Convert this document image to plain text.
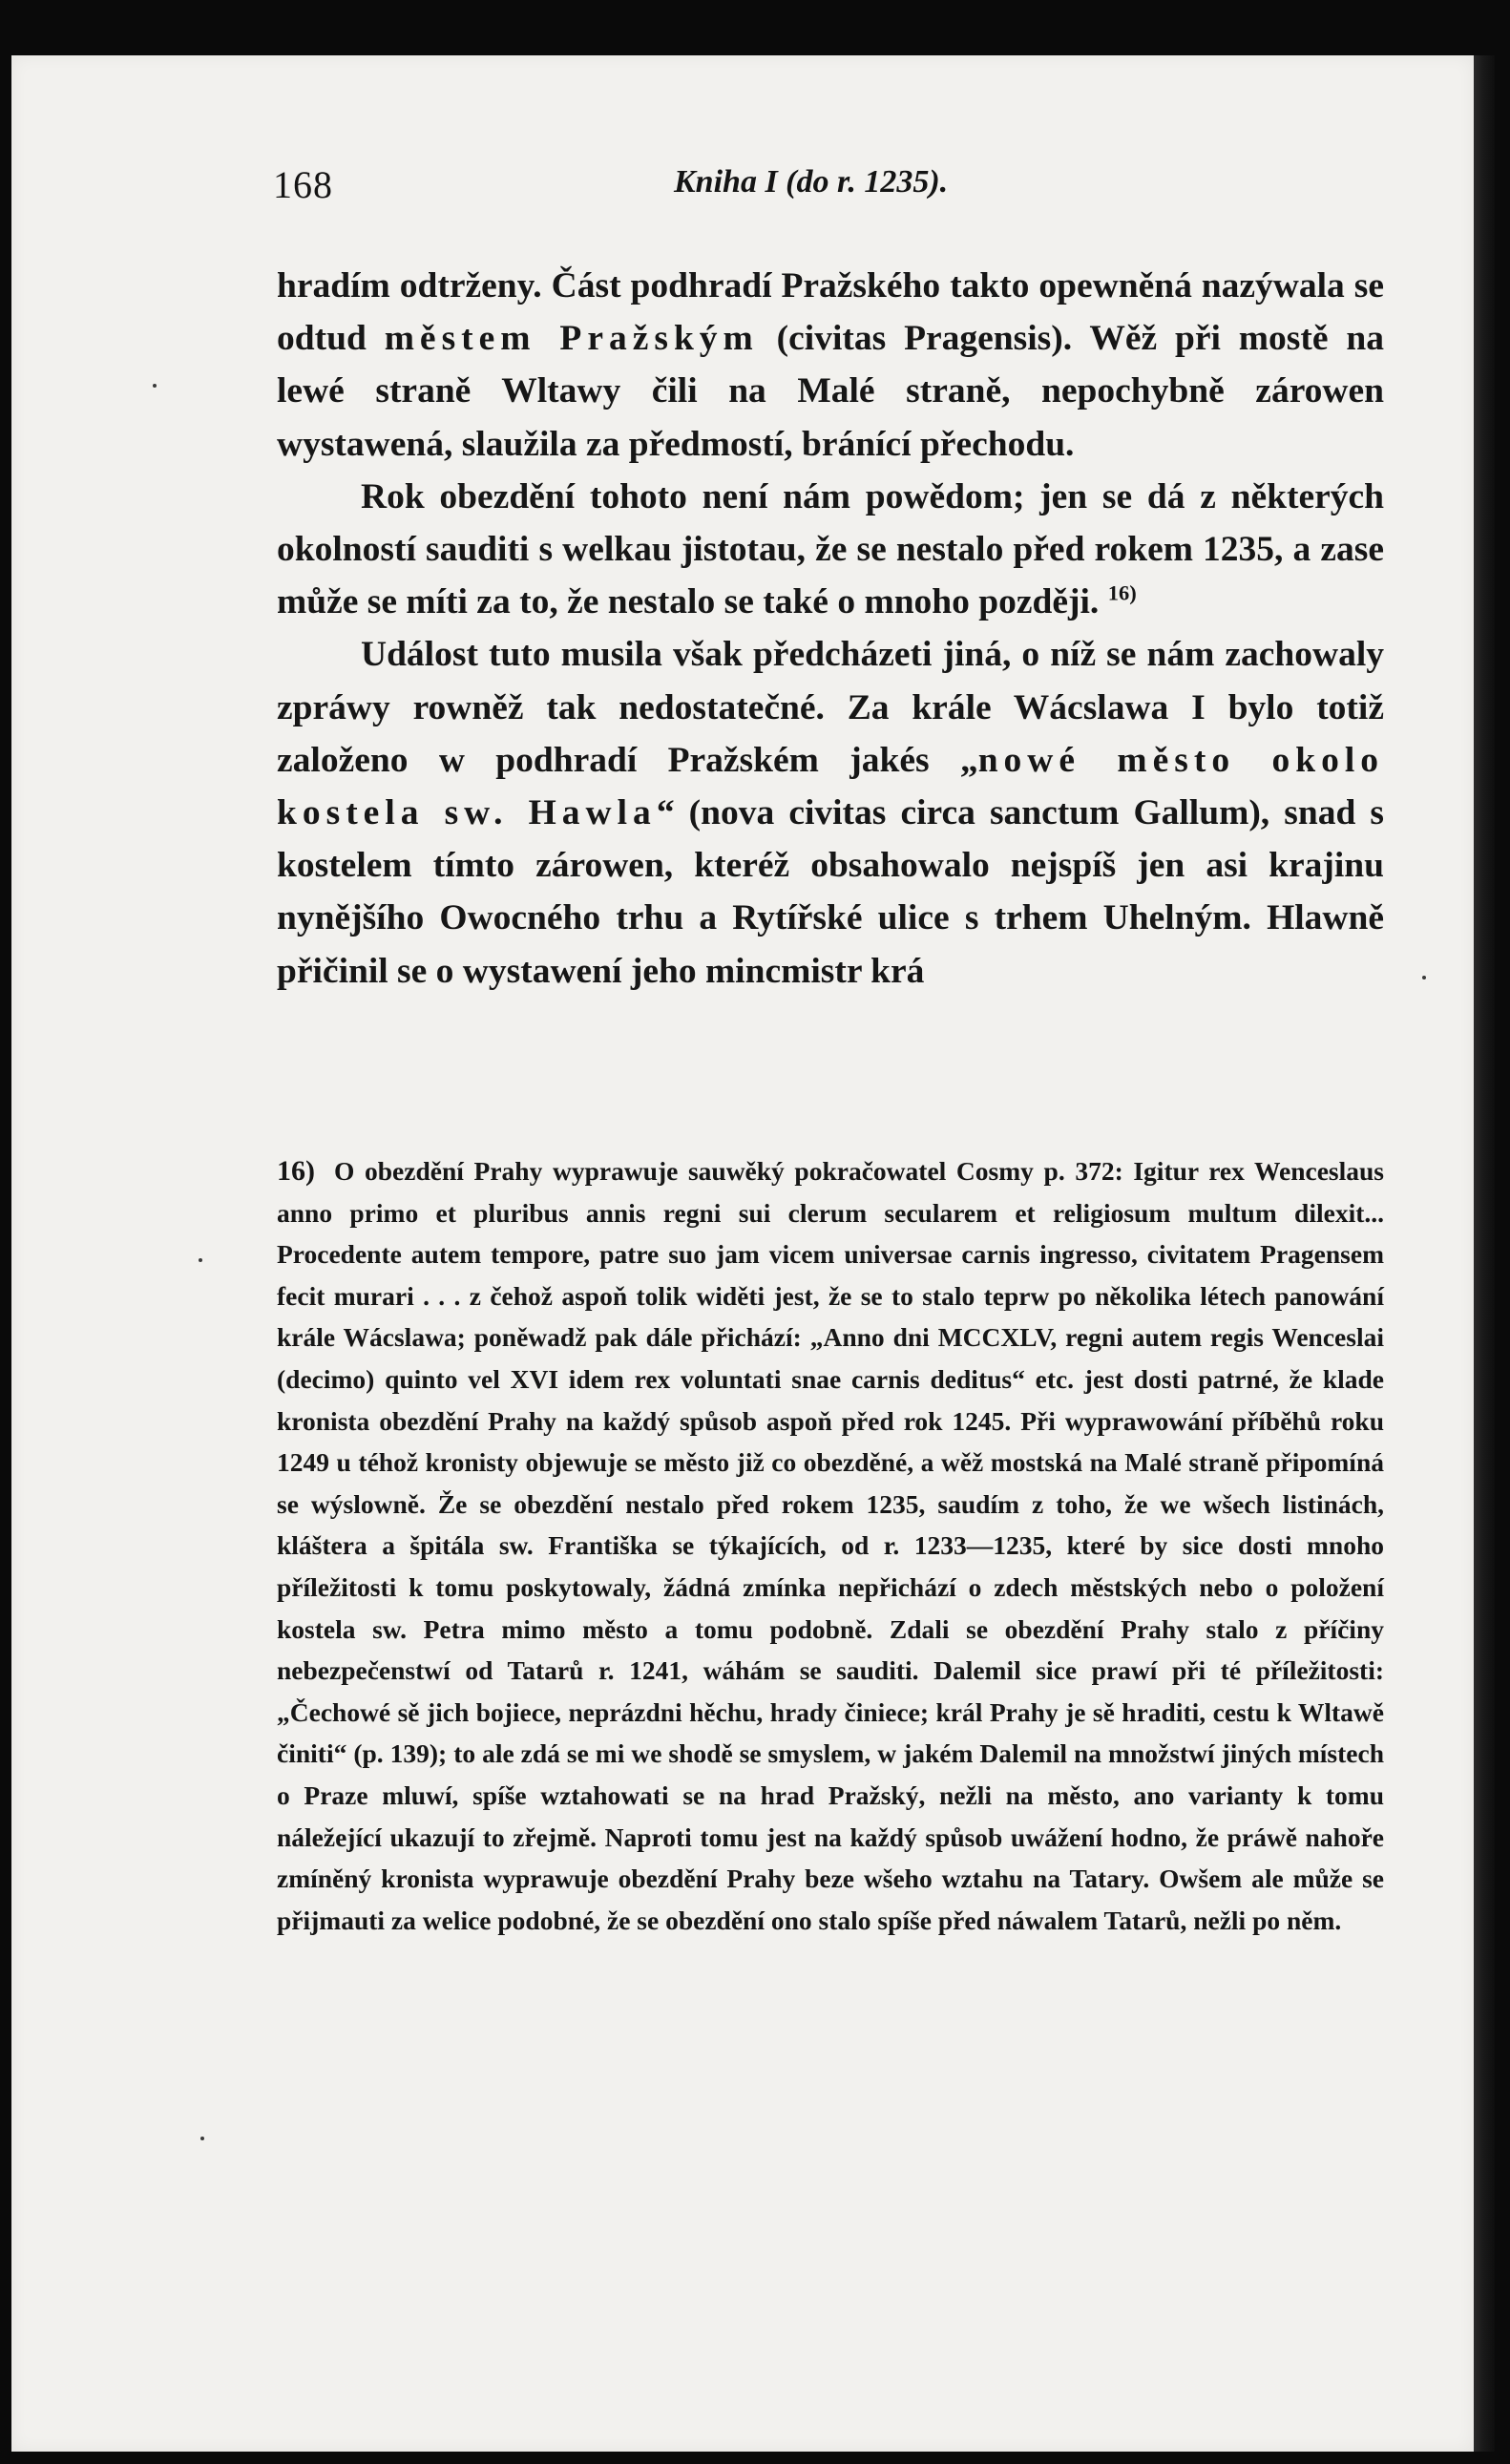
168	Kniha I (do r. 1235).

hradím odtrženy. Část podhradí Pražského takto opewněná nazýwala se odtud městem Pražským (civitas Pragensis). Wěž při mostě na lewé straně Wltawy čili na Malé straně, nepochybně zárowen wystawená, slaužila za předmostí, bránící přechodu.

Rok obezdění tohoto není nám powědom; jen se dá z některých okolností sauditi s welkau jistotau, že se nestalo před rokem 1235, a zase může se míti za to, že nestalo se také o mnoho později. $^{16)}$

Událost tuto musila však předcházeti jiná, o níž se nám zachowaly zpráwy rowněž tak nedostatečné. Za krále Wácslawa I bylo totiž založeno w podhradí Pražském jakés „nowé město okolo kostela sw. Hawla“ (nova civitas circa sanctum Gallum), snad s kostelem tímto zárowen, kteréž obsahowalo nejspíš jen asi krajinu nynějšího Owocného trhu a Rytířské ulice s trhem Uhelným. Hlawně přičinil se o wystawení jeho mincmistr krá

16) O obezdění Prahy wyprawuje sauwěký pokračowatel Cosmy p. 372: Igitur rex Wenceslaus anno primo et pluribus annis regni sui clerum secularem et religiosum multum dilexit... Procedente autem tempore, patre suo jam vicem universae carnis ingresso, civitatem Pragensem fecit murari . . . z čehož aspoň tolik widěti jest, že se to stalo teprw po několika létech panowání krále Wácslawa; poněwadž pak dále přichází: „Anno dni MCCXLV, regni autem regis Wenceslai (decimo) quinto vel XVI idem rex voluntati snae carnis deditus“ etc. jest dosti patrné, že klade kronista obezdění Prahy na každý spůsob aspoň před rok 1245. Při wyprawowání příběhů roku 1249 u téhož kronisty objewuje se město již co obezděné, a wěž mostská na Malé straně připomíná se wýslowně. Že se obezdění nestalo před rokem 1235, saudím z toho, že we wšech listinách, kláštera a špitála sw. Františka se týkajících, od r. 1233—1235, které by sice dosti mnoho příležitosti k tomu poskytowaly, žádná zmínka nepřichází o zdech městských nebo o položení kostela sw. Petra mimo město a tomu podobně. Zdali se obezdění Prahy stalo z příčiny nebezpečenstwí od Tatarů r. 1241, wáhám se sauditi. Dalemil sice prawí při té příležitosti: „Čechowé sě jich bojiece, neprázdni hěchu, hrady činiece; král Prahy je sě hraditi, cestu k Wltawě činiti“ (p. 139); to ale zdá se mi we shodě se smyslem, w jakém Dalemil na množstwí jiných místech o Praze mluwí, spíše wztahowati se na hrad Pražský, nežli na město, ano varianty k tomu náležející ukazují to zřejmě. Naproti tomu jest na každý spůsob uwážení hodno, že práwě nahoře zmíněný kronista wyprawuje obezdění Prahy beze wšeho wztahu na Tatary. Owšem ale může se přijmauti za welice podobné, že se obezdění ono stalo spíše před náwalem Tatarů, nežli po něm.
